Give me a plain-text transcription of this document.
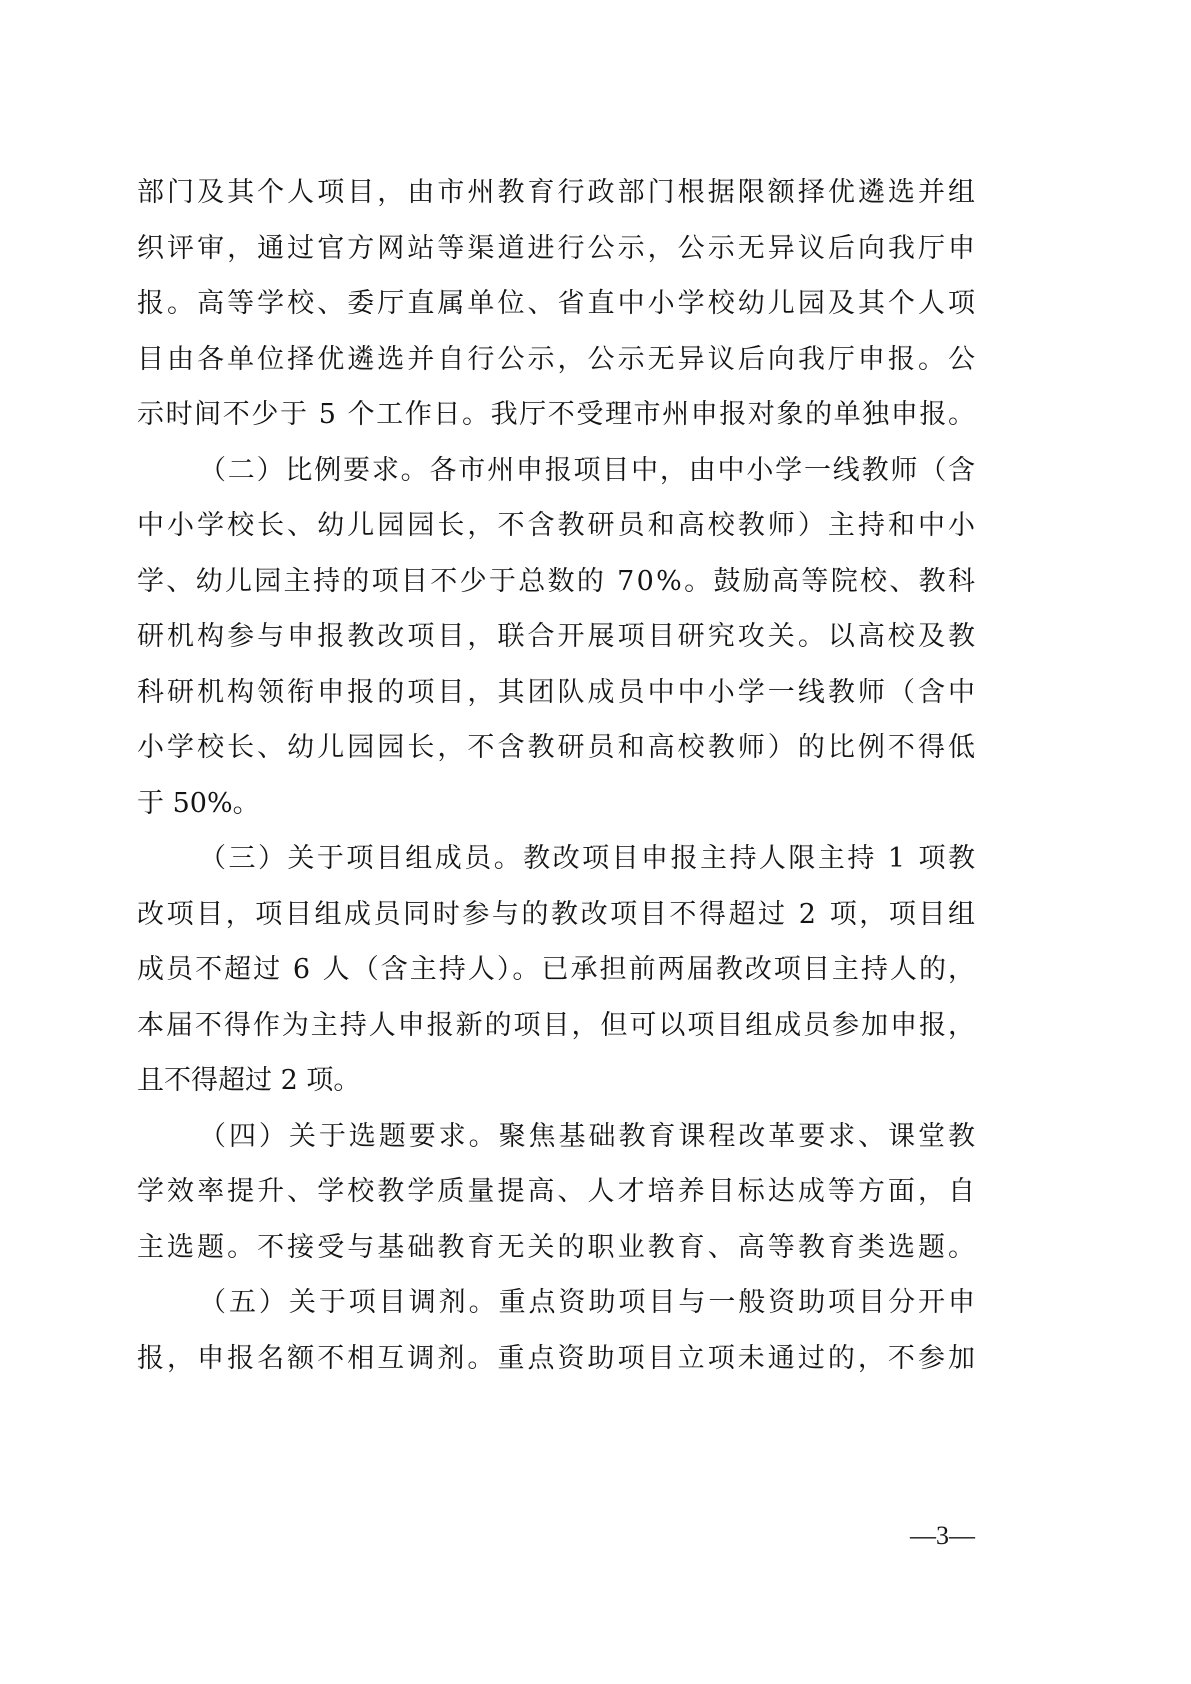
部门及其个人项目，由市州教育行政部门根据限额择优遴选并组
织评审，通过官方网站等渠道进行公示，公示无异议后向我厅申
报。高等学校、委厅直属单位、省直中小学校幼儿园及其个人项
目由各单位择优遴选并自行公示，公示无异议后向我厅申报。公
示时间不少于 5 个工作日。我厅不受理市州申报对象的单独申报。
（二）比例要求。各市州申报项目中，由中小学一线教师（含
中小学校长、幼儿园园长，不含教研员和高校教师）主持和中小
学、幼儿园主持的项目不少于总数的 70%。鼓励高等院校、教科
研机构参与申报教改项目，联合开展项目研究攻关。以高校及教
科研机构领衔申报的项目，其团队成员中中小学一线教师（含中
小学校长、幼儿园园长，不含教研员和高校教师）的比例不得低
于 50%。
（三）关于项目组成员。教改项目申报主持人限主持 1 项教
改项目，项目组成员同时参与的教改项目不得超过 2 项，项目组
成员不超过 6 人（含主持人）。已承担前两届教改项目主持人的，
本届不得作为主持人申报新的项目，但可以项目组成员参加申报，
且不得超过 2 项。
（四）关于选题要求。聚焦基础教育课程改革要求、课堂教
学效率提升、学校教学质量提高、人才培养目标达成等方面，自
主选题。不接受与基础教育无关的职业教育、高等教育类选题。
（五）关于项目调剂。重点资助项目与一般资助项目分开申
报，申报名额不相互调剂。重点资助项目立项未通过的，不参加
—3—
